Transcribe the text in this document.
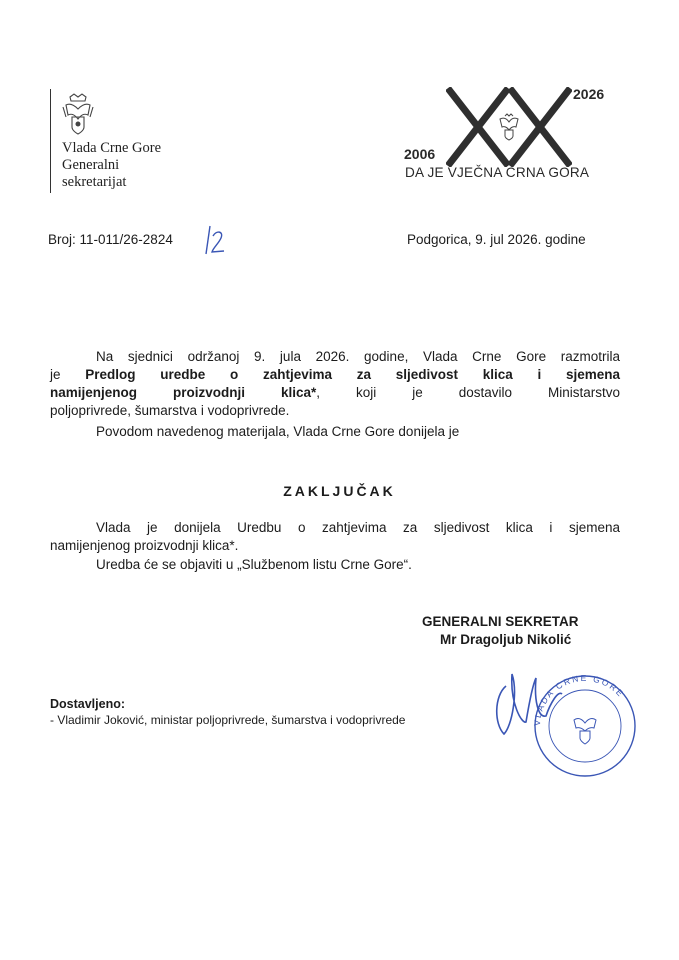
Vlada Crne Gore
Generalni
sekretarijat
2026
2006
DA JE VJEČNA CRNA GORA
Broj: 11-011/26-2824	Podgorica, 9. jul 2026. godine
Na sjednici održanoj 9. jula 2026. godine, Vlada Crne Gore razmotrila
je Predlog uredbe o zahtjevima za sljedivost klica i sjemena
namijenjenog proizvodnji klica*, koji je dostavilo Ministarstvo
poljoprivrede, šumarstva i vodoprivrede.
Povodom navedenog materijala, Vlada Crne Gore donijela je
ZAKLJUČAK
Vlada je donijela Uredbu o zahtjevima za sljedivost klica i sjemena
namijenjenog proizvodnji klica*.
Uredba će se objaviti u „Službenom listu Crne Gore“.
GENERALNI SEKRETAR
Mr Dragoljub Nikolić
VLADA CRNE GORE
Dostavljeno:
- Vladimir Joković, ministar poljoprivrede, šumarstva i vodoprivrede
